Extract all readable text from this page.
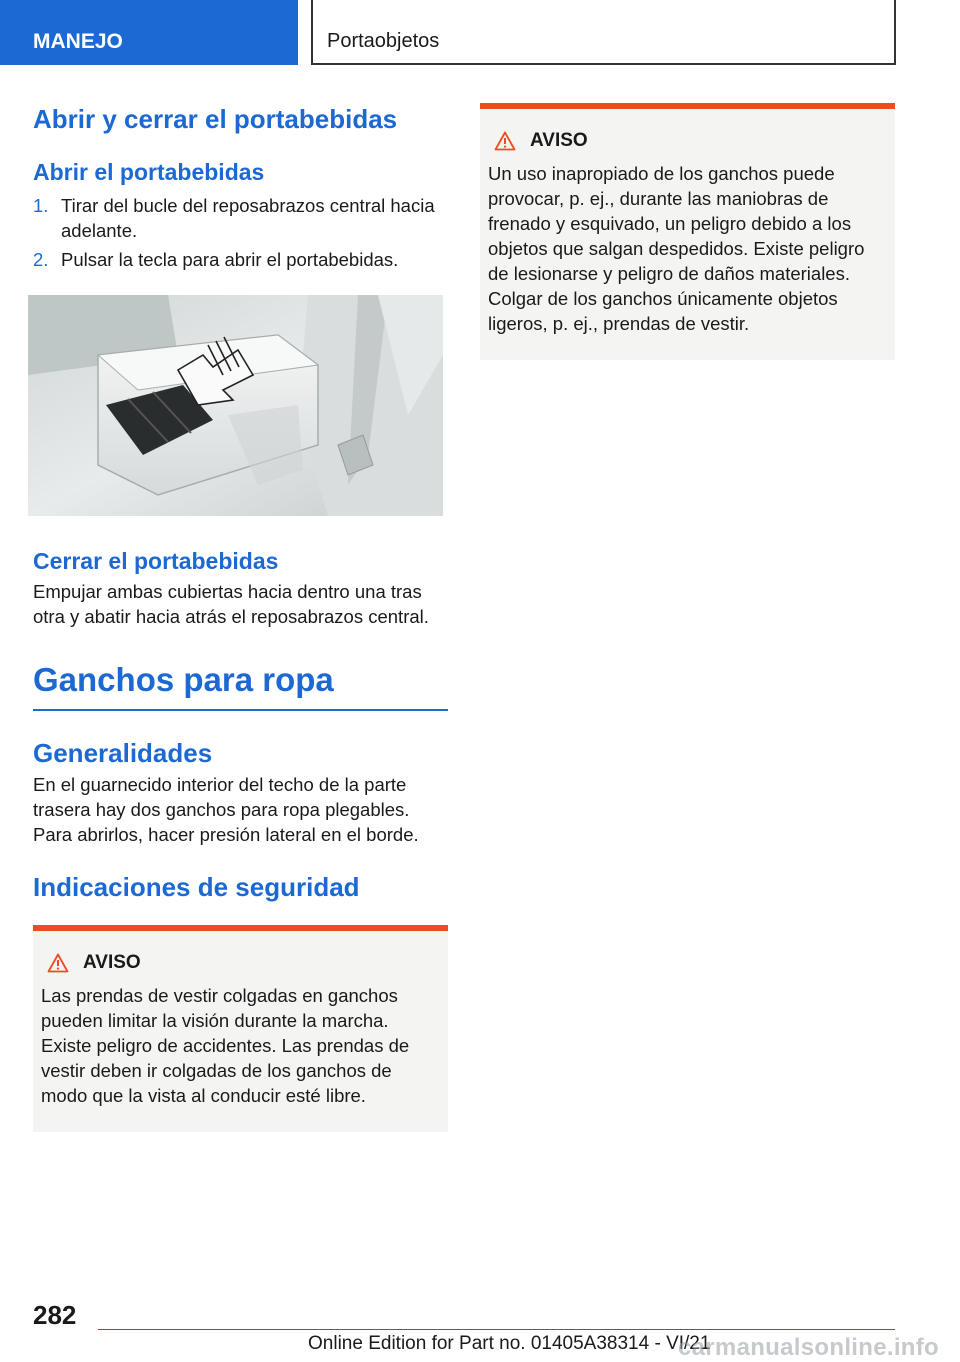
MANEJO	Portaobjetos
Abrir y cerrar el portabebidas
Abrir el portabebidas
1. Tirar del bucle del reposabrazos central hacia adelante.
2. Pulsar la tecla para abrir el portabebidas.
Cerrar el portabebidas
Empujar ambas cubiertas hacia dentro una tras otra y abatir hacia atrás el reposabrazos central.
Ganchos para ropa
Generalidades
En el guarnecido interior del techo de la parte trasera hay dos ganchos para ropa plegables. Para abrirlos, hacer presión lateral en el borde.
Indicaciones de seguridad
AVISO
Las prendas de vestir colgadas en ganchos pueden limitar la visión durante la marcha. Existe peligro de accidentes. Las prendas de vestir deben ir colgadas de los ganchos de modo que la vista al conducir esté libre.
AVISO
Un uso inapropiado de los ganchos puede provocar, p. ej., durante las maniobras de frenado y esquivado, un peligro debido a los objetos que salgan despedidos. Existe peligro de lesionarse y peligro de daños materiales. Colgar de los ganchos únicamente objetos ligeros, p. ej., prendas de vestir.
282
Online Edition for Part no. 01405A38314 - VI/21
carmanualsonline.info
